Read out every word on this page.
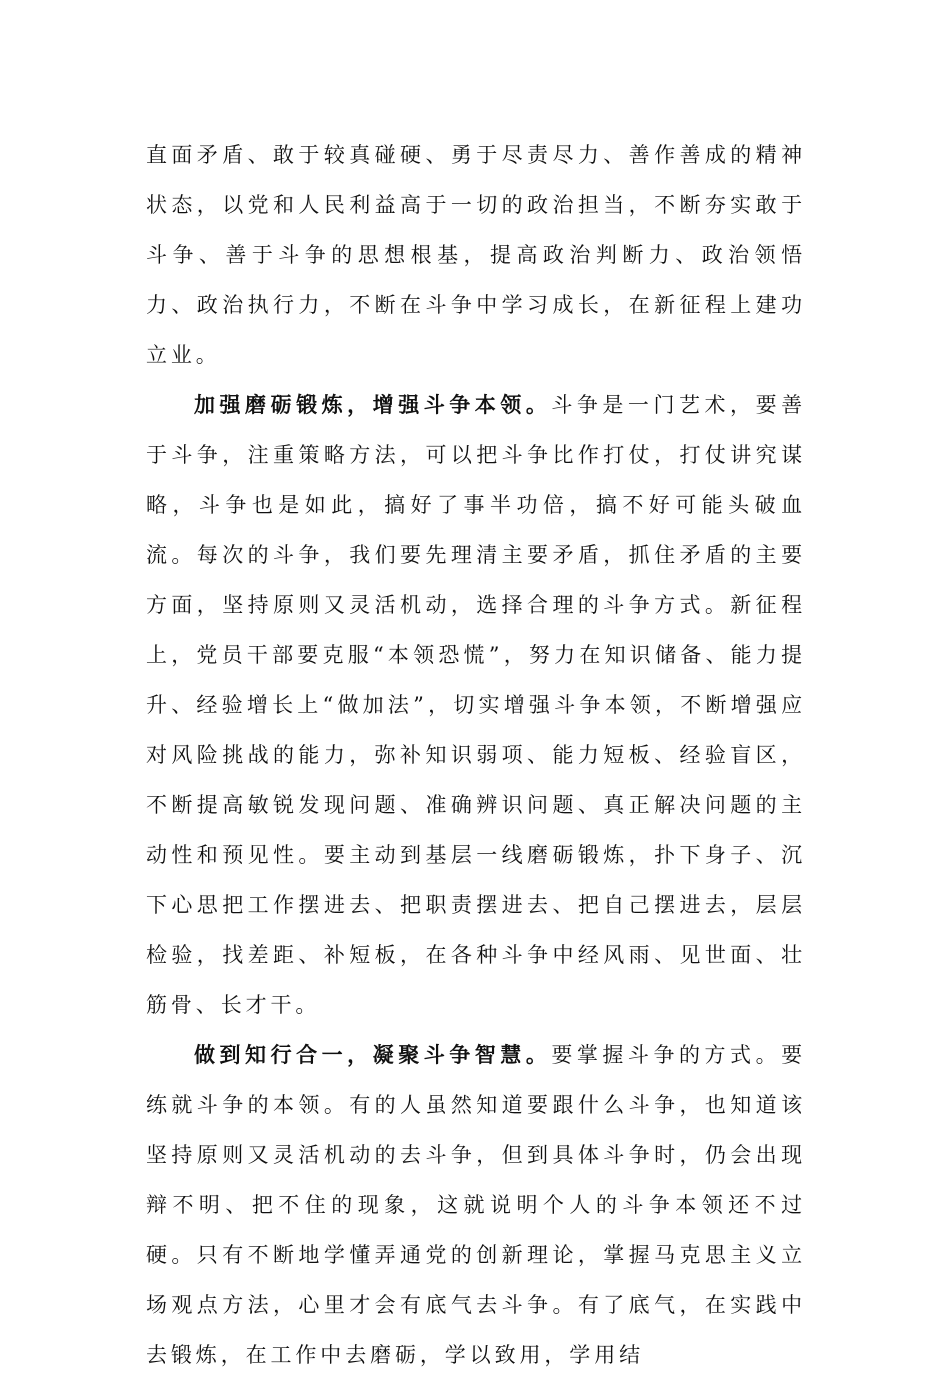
直面矛盾、敢于较真碰硬、勇于尽责尽力、善作善成的精神状态，以党和人民利益高于一切的政治担当，不断夯实敢于斗争、善于斗争的思想根基，提高政治判断力、政治领悟力、政治执行力，不断在斗争中学习成长，在新征程上建功立业。

加强磨砺锻炼，增强斗争本领。斗争是一门艺术，要善于斗争，注重策略方法，可以把斗争比作打仗，打仗讲究谋略，斗争也是如此，搞好了事半功倍，搞不好可能头破血流。每次的斗争，我们要先理清主要矛盾，抓住矛盾的主要方面，坚持原则又灵活机动，选择合理的斗争方式。新征程上，党员干部要克服“本领恐慌”，努力在知识储备、能力提升、经验增长上“做加法”，切实增强斗争本领，不断增强应对风险挑战的能力，弥补知识弱项、能力短板、经验盲区，不断提高敏锐发现问题、准确辨识问题、真正解决问题的主动性和预见性。要主动到基层一线磨砺锻炼，扑下身子、沉下心思把工作摆进去、把职责摆进去、把自己摆进去，层层检验，找差距、补短板，在各种斗争中经风雨、见世面、壮筋骨、长才干。

做到知行合一，凝聚斗争智慧。要掌握斗争的方式。要练就斗争的本领。有的人虽然知道要跟什么斗争，也知道该坚持原则又灵活机动的去斗争，但到具体斗争时，仍会出现辩不明、把不住的现象，这就说明个人的斗争本领还不过硬。只有不断地学懂弄通党的创新理论，掌握马克思主义立场观点方法，心里才会有底气去斗争。有了底气，在实践中去锻炼，在工作中去磨砺，学以致用，学用结
